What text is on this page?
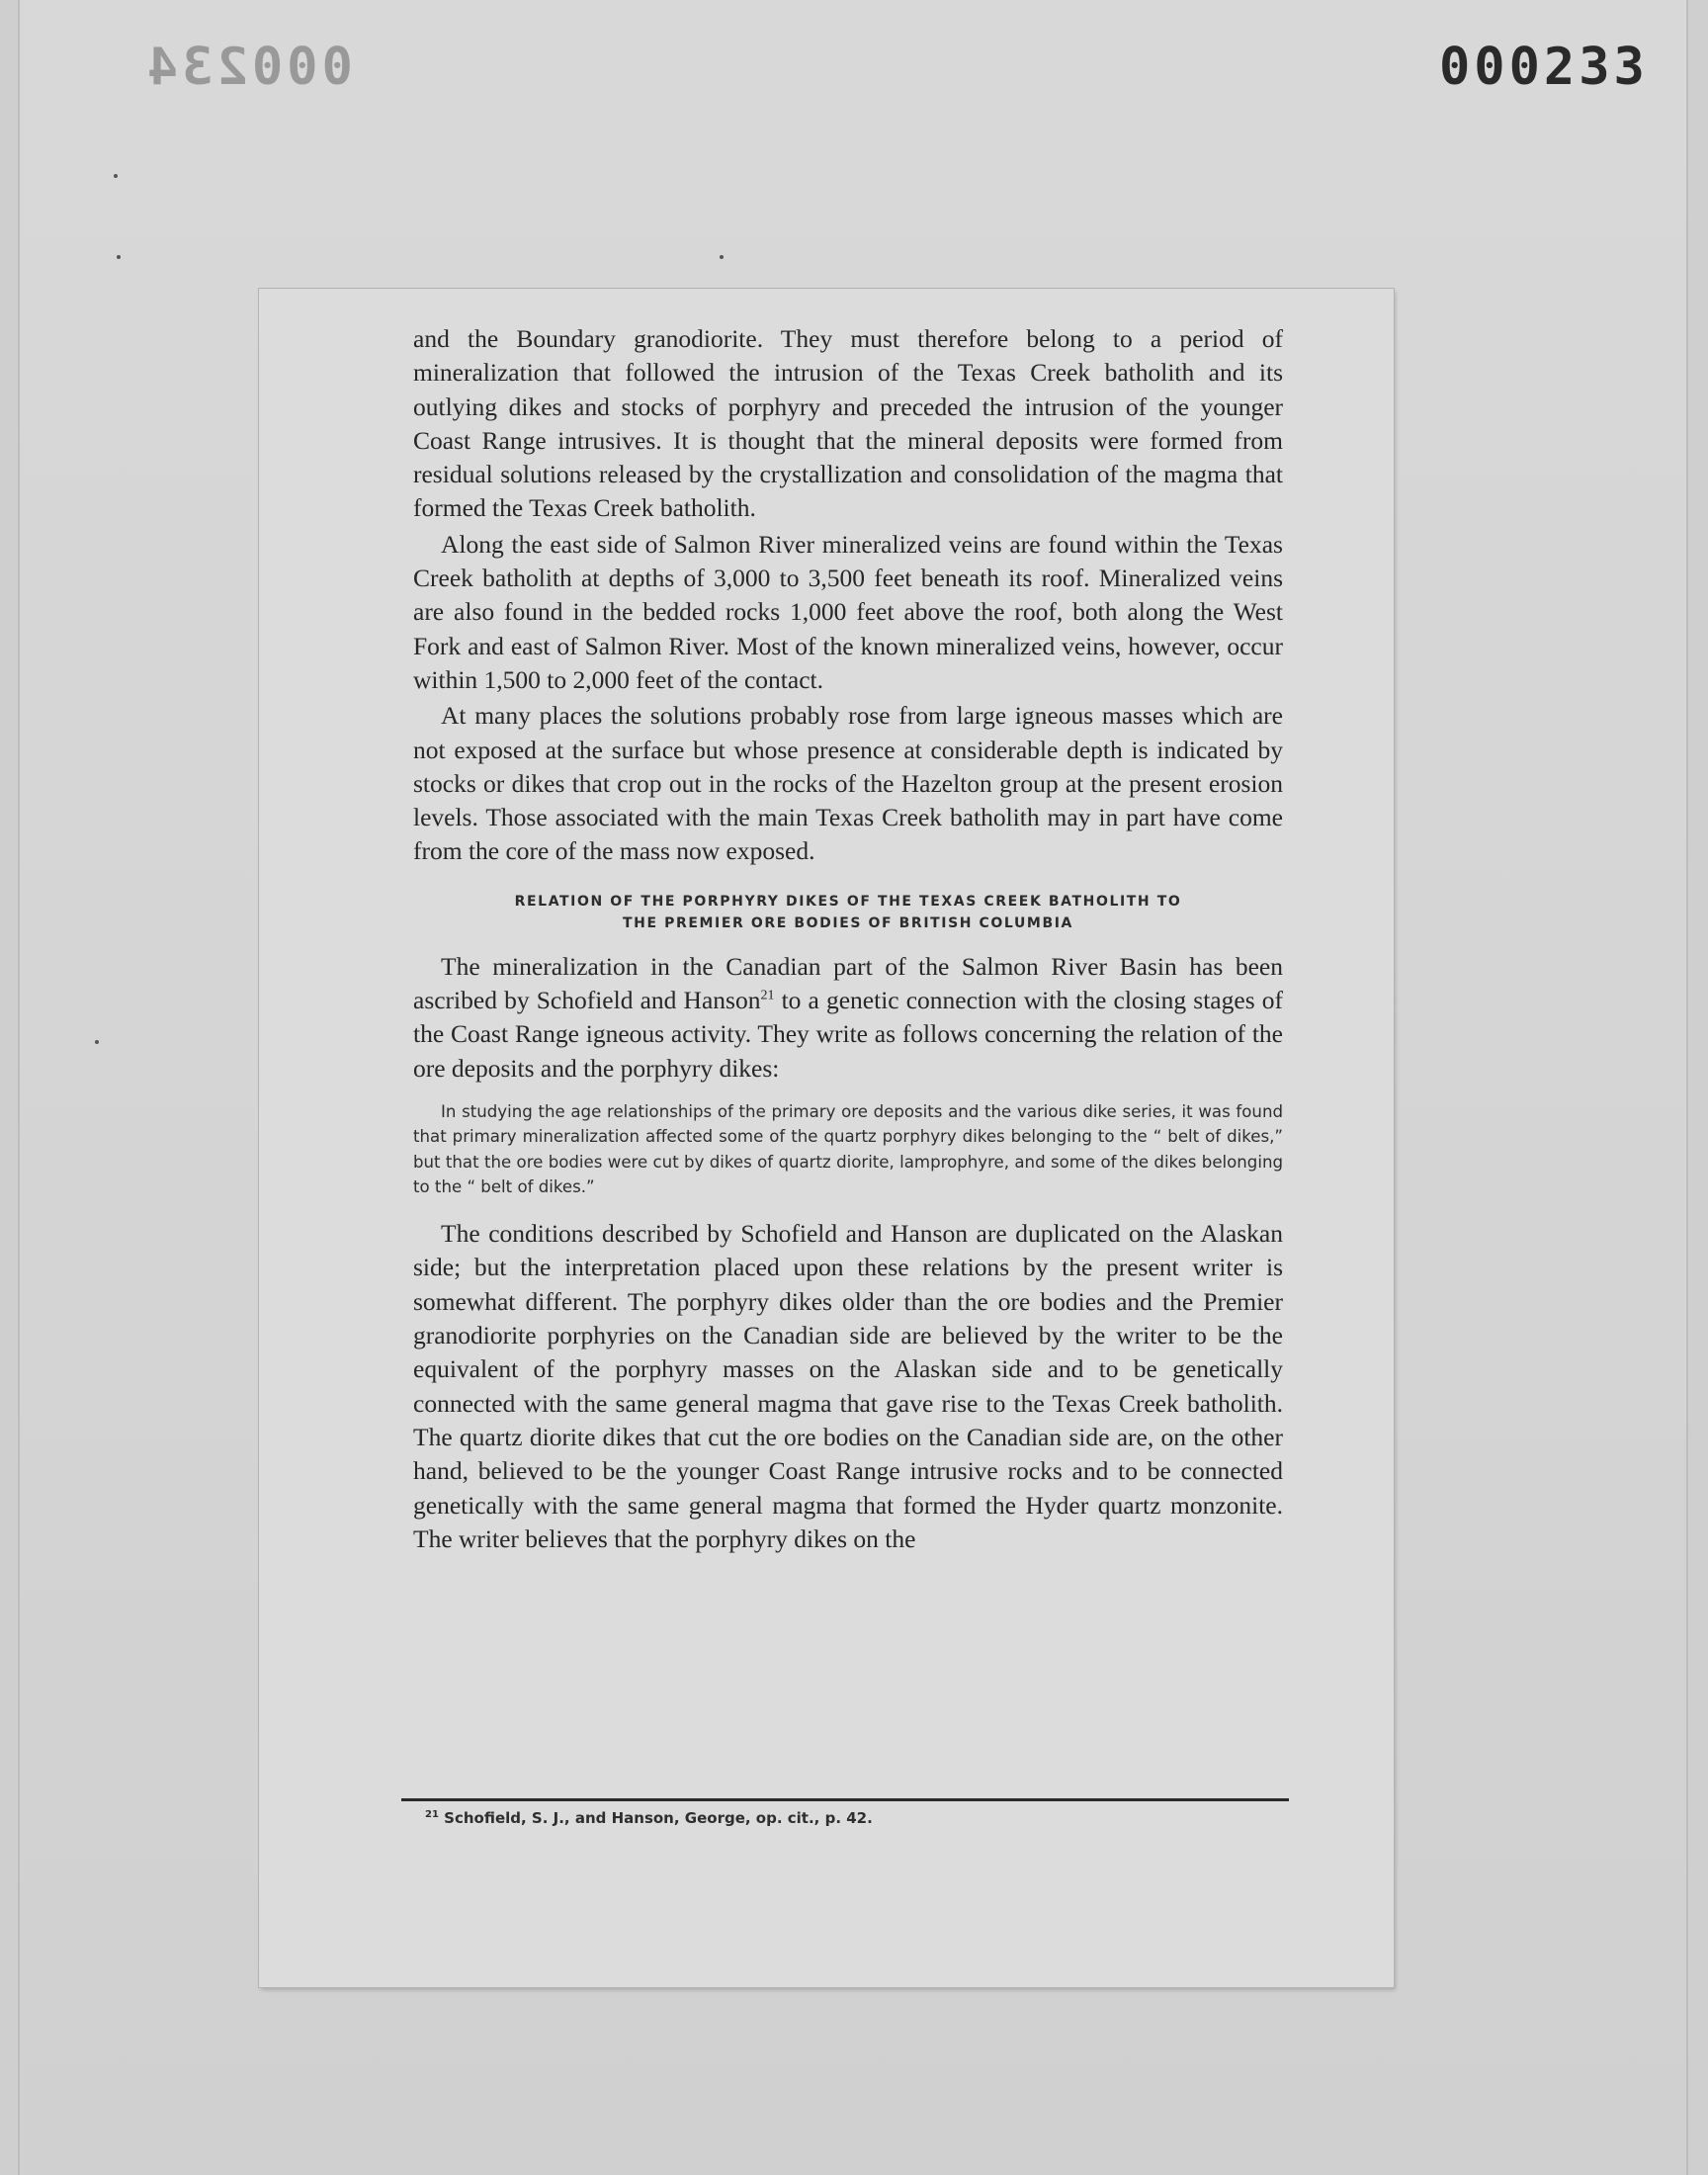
000234	000233

and the Boundary granodiorite. They must therefore belong to a period of mineralization that followed the intrusion of the Texas Creek batholith and its outlying dikes and stocks of porphyry and preceded the intrusion of the younger Coast Range intrusives. It is thought that the mineral deposits were formed from residual solutions released by the crystallization and consolidation of the magma that formed the Texas Creek batholith.

Along the east side of Salmon River mineralized veins are found within the Texas Creek batholith at depths of 3,000 to 3,500 feet beneath its roof. Mineralized veins are also found in the bedded rocks 1,000 feet above the roof, both along the West Fork and east of Salmon River. Most of the known mineralized veins, however, occur within 1,500 to 2,000 feet of the contact.

At many places the solutions probably rose from large igneous masses which are not exposed at the surface but whose presence at considerable depth is indicated by stocks or dikes that crop out in the rocks of the Hazelton group at the present erosion levels. Those associated with the main Texas Creek batholith may in part have come from the core of the mass now exposed.

RELATION OF THE PORPHYRY DIKES OF THE TEXAS CREEK BATHOLITH TO
THE PREMIER ORE BODIES OF BRITISH COLUMBIA

The mineralization in the Canadian part of the Salmon River Basin has been ascribed by Schofield and Hanson$^{21}$ to a genetic connection with the closing stages of the Coast Range igneous activity. They write as follows concerning the relation of the ore deposits and the porphyry dikes:

In studying the age relationships of the primary ore deposits and the various dike series, it was found that primary mineralization affected some of the quartz porphyry dikes belonging to the “ belt of dikes,” but that the ore bodies were cut by dikes of quartz diorite, lamprophyre, and some of the dikes belonging to the “ belt of dikes.”

The conditions described by Schofield and Hanson are duplicated on the Alaskan side; but the interpretation placed upon these relations by the present writer is somewhat different. The porphyry dikes older than the ore bodies and the Premier granodiorite porphyries on the Canadian side are believed by the writer to be the equivalent of the porphyry masses on the Alaskan side and to be genetically connected with the same general magma that gave rise to the Texas Creek batholith. The quartz diorite dikes that cut the ore bodies on the Canadian side are, on the other hand, believed to be the younger Coast Range intrusive rocks and to be connected genetically with the same general magma that formed the Hyder quartz monzonite. The writer believes that the porphyry dikes on the

$^{21}$ Schofield, S. J., and Hanson, George, op. cit., p. 42.
